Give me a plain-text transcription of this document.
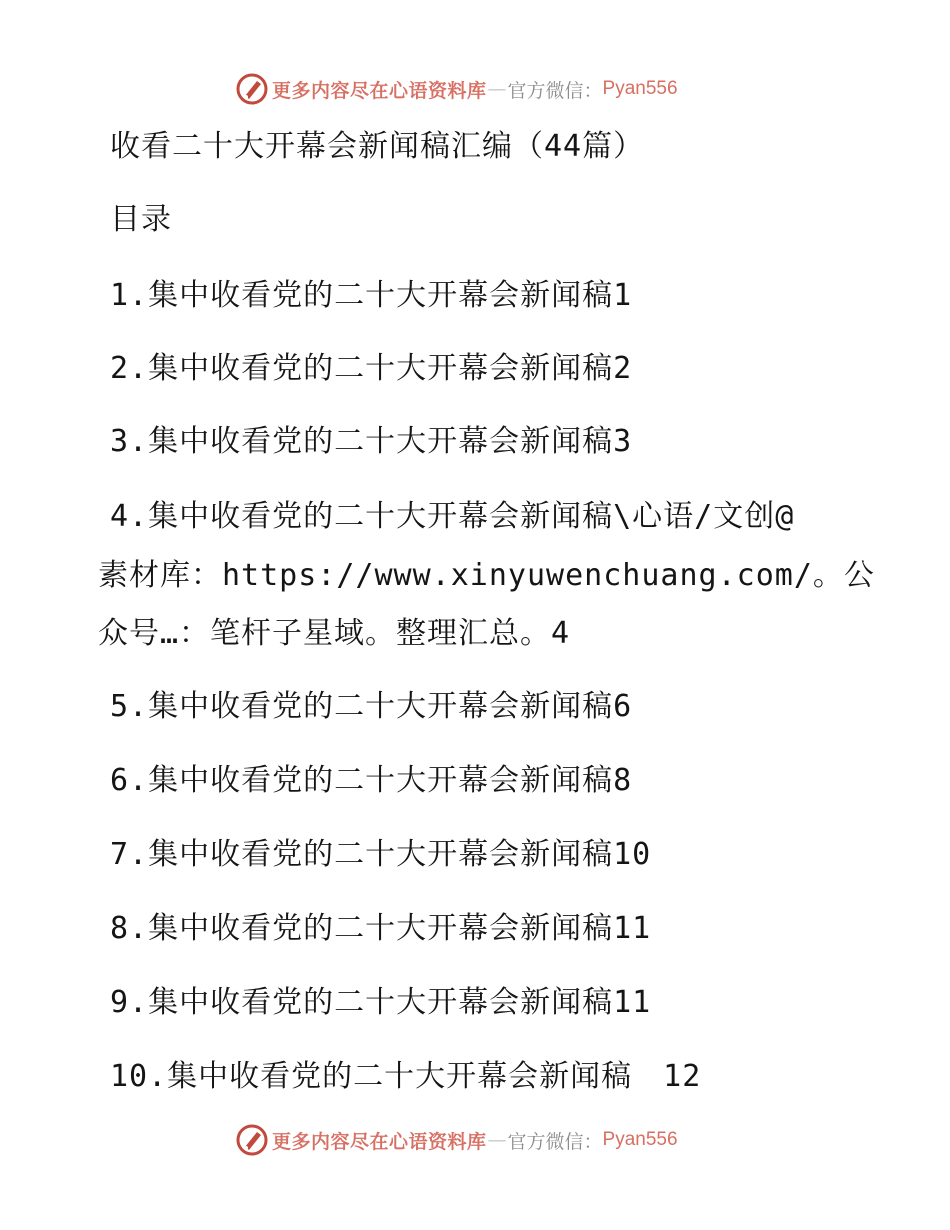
更多内容尽在心语资料库 — 官方微信： Pyan556
收看二十大开幕会新闻稿汇编（44篇）
目录
1.集中收看党的二十大开幕会新闻稿1
2.集中收看党的二十大开幕会新闻稿2
3.集中收看党的二十大开幕会新闻稿3
4.集中收看党的二十大开幕会新闻稿\心语/文创@
素材库：https://www.xinyuwenchuang.com/。公
众号…：笔杆子星域。整理汇总。4
5.集中收看党的二十大开幕会新闻稿6
6.集中收看党的二十大开幕会新闻稿8
7.集中收看党的二十大开幕会新闻稿10
8.集中收看党的二十大开幕会新闻稿11
9.集中收看党的二十大开幕会新闻稿11
10.集中收看党的二十大开幕会新闻稿　12
更多内容尽在心语资料库 — 官方微信： Pyan556
